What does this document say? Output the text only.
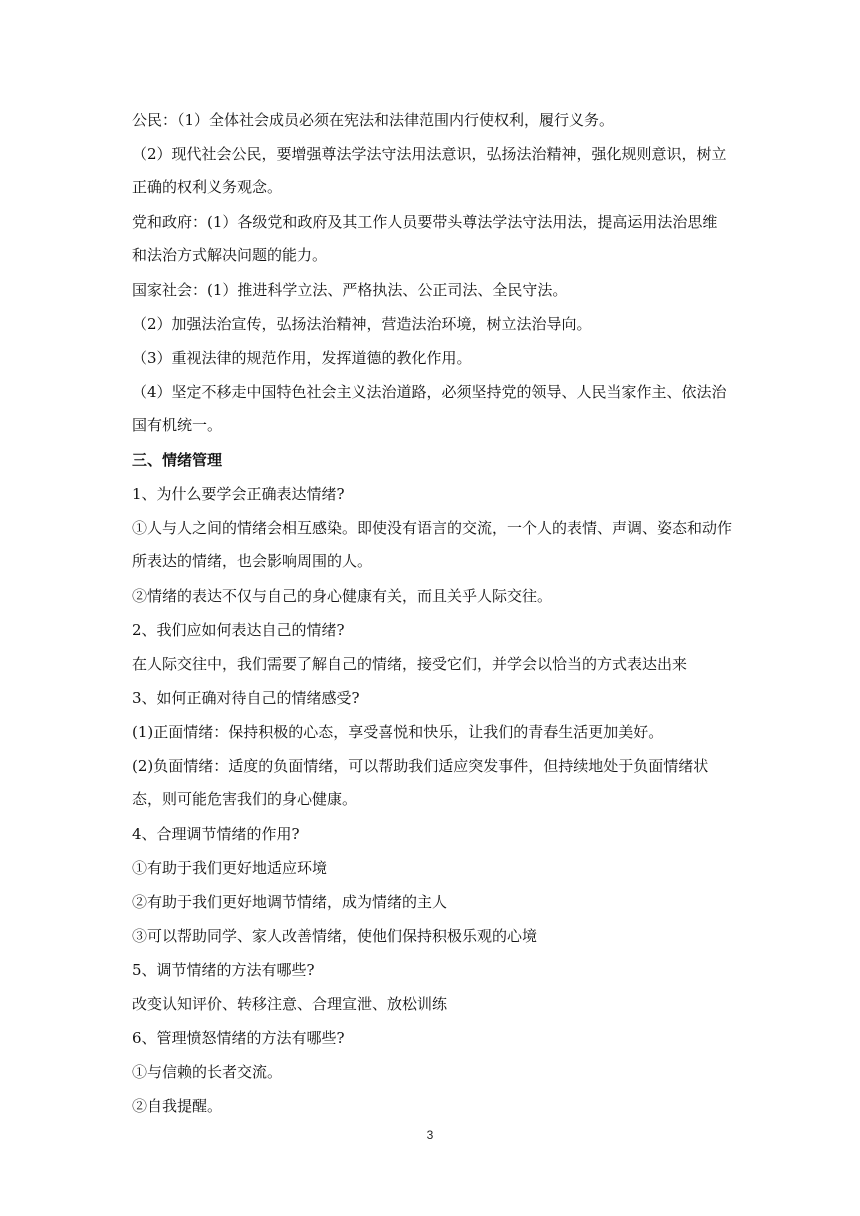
公民：（1）全体社会成员必须在宪法和法律范围内行使权利，履行义务。
（2）现代社会公民，要增强尊法学法守法用法意识，弘扬法治精神，强化规则意识，树立正确的权利义务观念。
党和政府：(1）各级党和政府及其工作人员要带头尊法学法守法用法，提高运用法治思维和法治方式解决问题的能力。
国家社会：(1）推进科学立法、严格执法、公正司法、全民守法。
（2）加强法治宣传，弘扬法治精神，营造法治环境，树立法治导向。
（3）重视法律的规范作用，发挥道德的教化作用。
（4）坚定不移走中国特色社会主义法治道路，必须坚持党的领导、人民当家作主、依法治国有机统一。
三、情绪管理
1、为什么要学会正确表达情绪?
①人与人之间的情绪会相互感染。即使没有语言的交流，一个人的表情、声调、姿态和动作所表达的情绪，也会影响周围的人。
②情绪的表达不仅与自己的身心健康有关，而且关乎人际交往。
2、我们应如何表达自己的情绪?
在人际交往中，我们需要了解自己的情绪，接受它们，并学会以恰当的方式表达出来
3、如何正确对待自己的情绪感受?
(1)正面情绪：保持积极的心态，享受喜悦和快乐，让我们的青春生活更加美好。
(2)负面情绪：适度的负面情绪，可以帮助我们适应突发事件，但持续地处于负面情绪状态，则可能危害我们的身心健康。
4、合理调节情绪的作用?
①有助于我们更好地适应环境
②有助于我们更好地调节情绪，成为情绪的主人
③可以帮助同学、家人改善情绪，使他们保持积极乐观的心境
5、调节情绪的方法有哪些?
改变认知评价、转移注意、合理宣泄、放松训练
6、管理愤怒情绪的方法有哪些?
①与信赖的长者交流。
②自我提醒。
3
